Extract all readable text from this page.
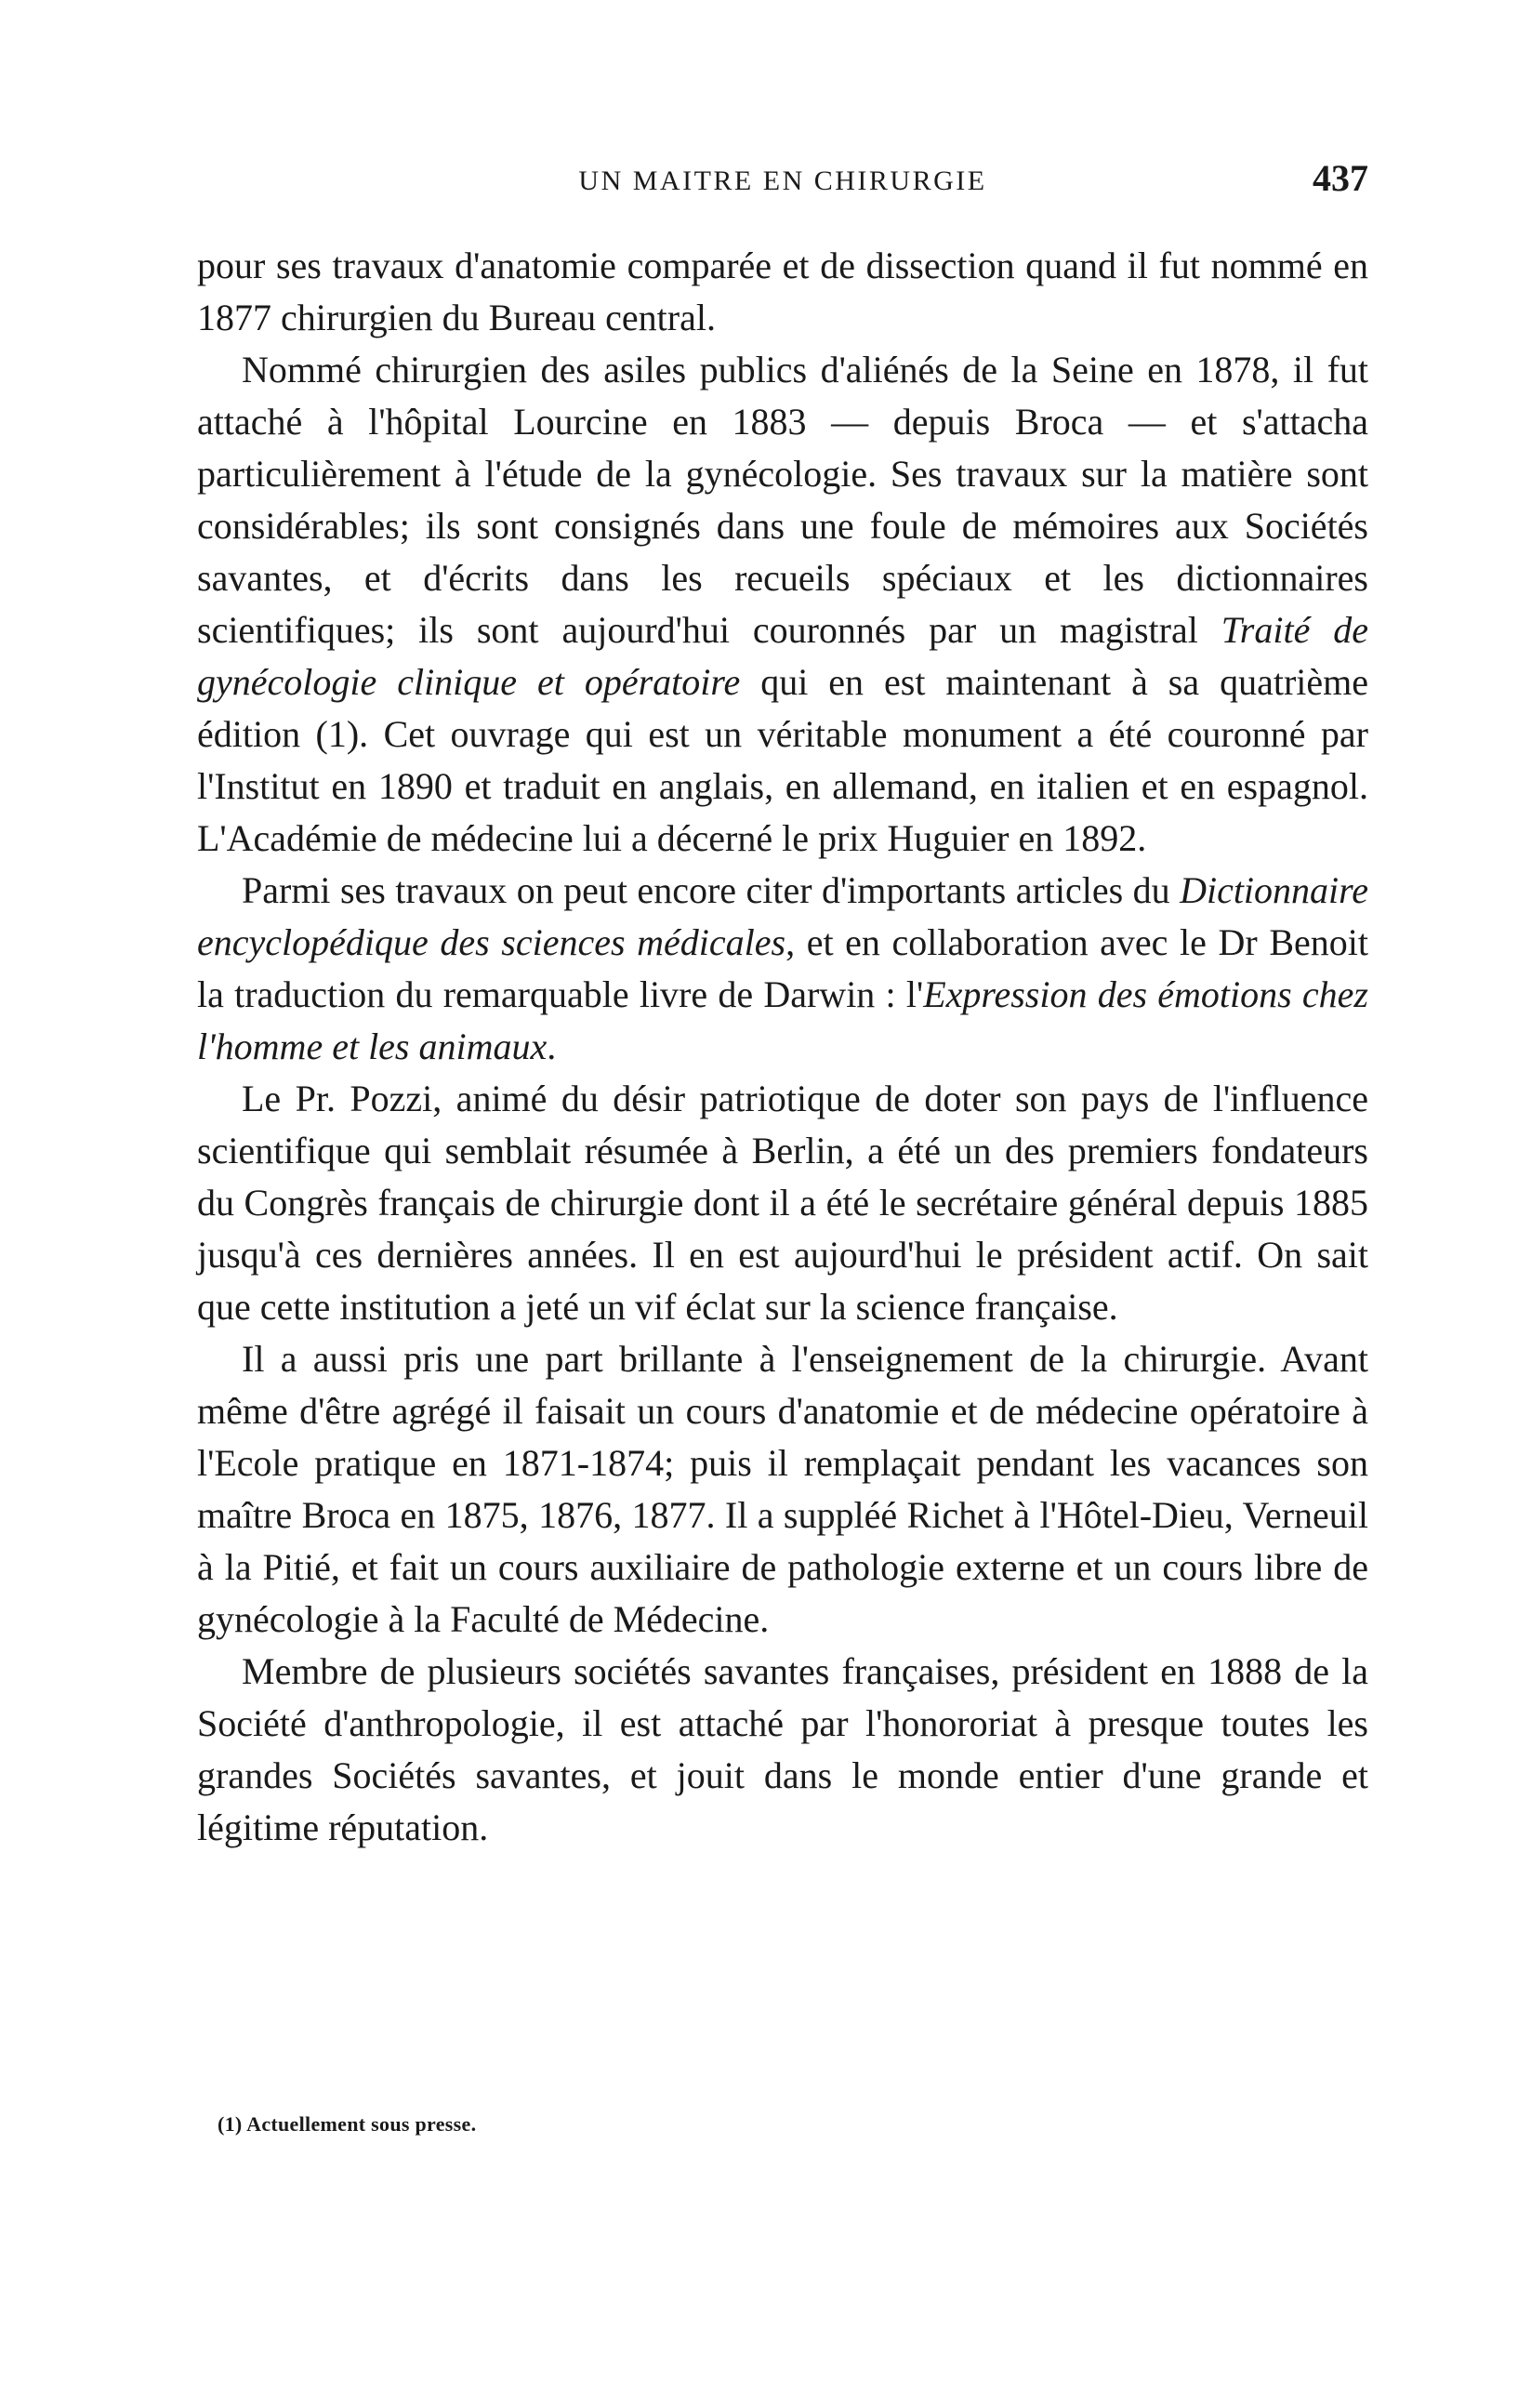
UN MAITRE EN CHIRURGIE	437

pour ses travaux d'anatomie comparée et de dissection quand il fut nommé en 1877 chirurgien du Bureau central.

Nommé chirurgien des asiles publics d'aliénés de la Seine en 1878, il fut attaché à l'hôpital Lourcine en 1883 — depuis Broca — et s'attacha particulièrement à l'étude de la gynécologie. Ses travaux sur la matière sont considérables; ils sont consignés dans une foule de mémoires aux Sociétés savantes, et d'écrits dans les recueils spéciaux et les dictionnaires scientifiques; ils sont aujourd'hui couronnés par un magistral Traité de gynécologie clinique et opératoire qui en est maintenant à sa quatrième édition (1). Cet ouvrage qui est un véritable monument a été couronné par l'Institut en 1890 et traduit en anglais, en allemand, en italien et en espagnol. L'Académie de médecine lui a décerné le prix Huguier en 1892.

Parmi ses travaux on peut encore citer d'importants articles du Dictionnaire encyclopédique des sciences médicales, et en collaboration avec le Dr Benoit la traduction du remarquable livre de Darwin : l'Expression des émotions chez l'homme et les animaux.

Le Pr. Pozzi, animé du désir patriotique de doter son pays de l'influence scientifique qui semblait résumée à Berlin, a été un des premiers fondateurs du Congrès français de chirurgie dont il a été le secrétaire général depuis 1885 jusqu'à ces dernières années. Il en est aujourd'hui le président actif. On sait que cette institution a jeté un vif éclat sur la science française.

Il a aussi pris une part brillante à l'enseignement de la chirurgie. Avant même d'être agrégé il faisait un cours d'anatomie et de médecine opératoire à l'Ecole pratique en 1871-1874; puis il remplaçait pendant les vacances son maître Broca en 1875, 1876, 1877. Il a suppléé Richet à l'Hôtel-Dieu, Verneuil à la Pitié, et fait un cours auxiliaire de pathologie externe et un cours libre de gynécologie à la Faculté de Médecine.

Membre de plusieurs sociétés savantes françaises, président en 1888 de la Société d'anthropologie, il est attaché par l'honororiat à presque toutes les grandes Sociétés savantes, et jouit dans le monde entier d'une grande et légitime réputation.

(1) Actuellement sous presse.
